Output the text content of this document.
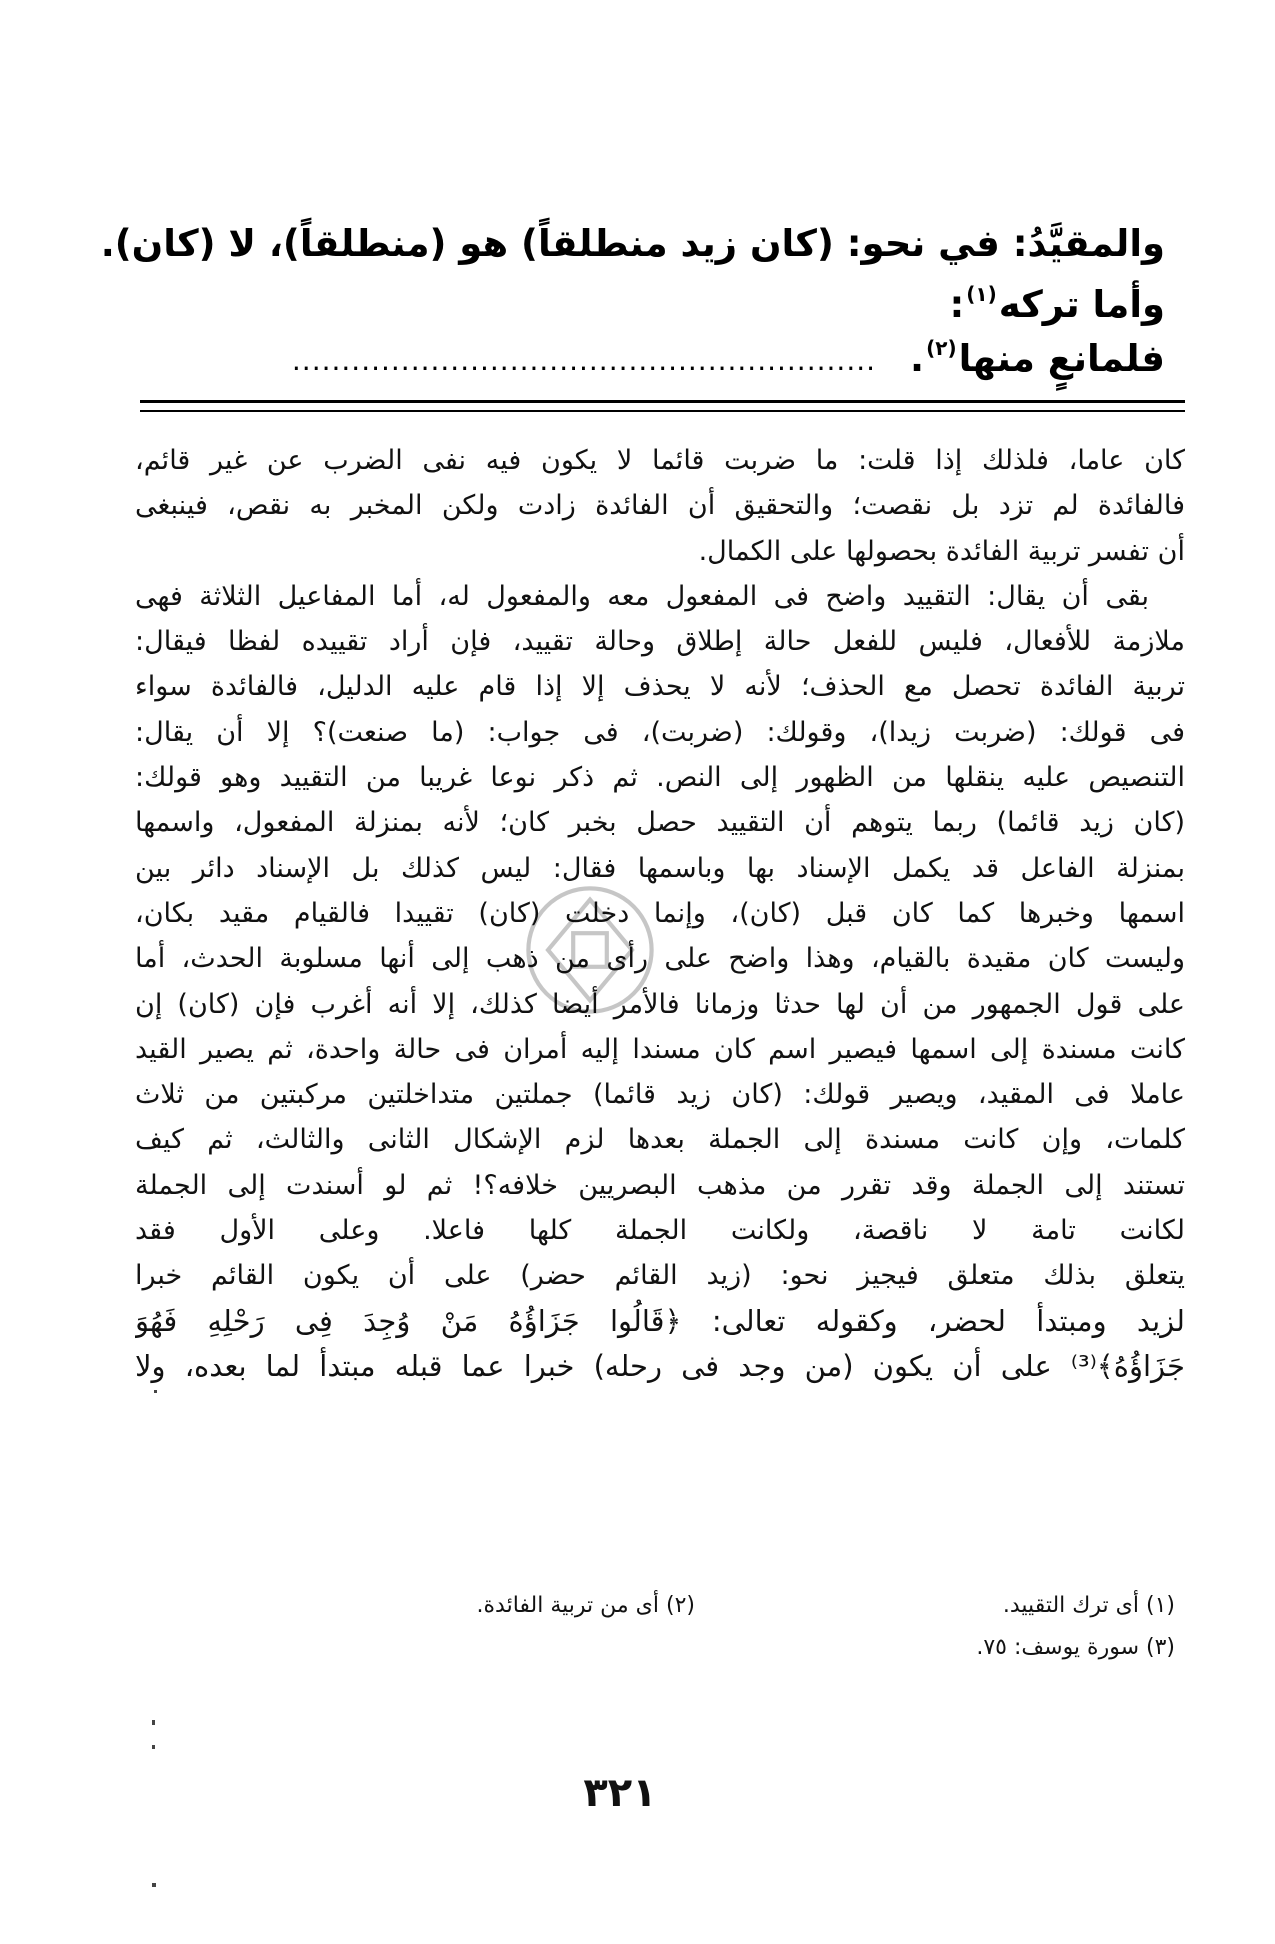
والمقيَّدُ: في نحو: (كان زيد منطلقاً) هو (منطلقاً)، لا (كان).
وأما تركه$^{(١)}$:
فلمانعٍ منها$^{(٢)}$............................................................
كان عاما، فلذلك إذا قلت: ما ضربت قائما لا يكون فيه نفى الضرب عن غير قائم،
فالفائدة لم تزد بل نقصت؛ والتحقيق أن الفائدة زادت ولكن المخبر به نقص، فينبغى
أن تفسر تربية الفائدة بحصولها على الكمال.
بقى أن يقال: التقييد واضح فى المفعول معه والمفعول له، أما المفاعيل الثلاثة فهى
ملازمة للأفعال، فليس للفعل حالة إطلاق وحالة تقييد، فإن أراد تقييده لفظا فيقال:
تربية الفائدة تحصل مع الحذف؛ لأنه لا يحذف إلا إذا قام عليه الدليل، فالفائدة سواء
فى قولك: (ضربت زيدا)، وقولك: (ضربت)، فى جواب: (ما صنعت)؟ إلا أن يقال:
التنصيص عليه ينقلها من الظهور إلى النص. ثم ذكر نوعا غريبا من التقييد وهو قولك:
(كان زيد قائما) ربما يتوهم أن التقييد حصل بخبر كان؛ لأنه بمنزلة المفعول، واسمها
بمنزلة الفاعل قد يكمل الإسناد بها وباسمها فقال: ليس كذلك بل الإسناد دائر بين
اسمها وخبرها كما كان قبل (كان)، وإنما دخلت (كان) تقييدا فالقيام مقيد بكان،
وليست كان مقيدة بالقيام، وهذا واضح على رأى من ذهب إلى أنها مسلوبة الحدث، أما
على قول الجمهور من أن لها حدثا وزمانا فالأمر أيضا كذلك، إلا أنه أغرب فإن (كان) إن
كانت مسندة إلى اسمها فيصير اسم كان مسندا إليه أمران فى حالة واحدة، ثم يصير القيد
عاملا فى المقيد، ويصير قولك: (كان زيد قائما) جملتين متداخلتين مركبتين من ثلاث
كلمات، وإن كانت مسندة إلى الجملة بعدها لزم الإشكال الثانى والثالث، ثم كيف
تستند إلى الجملة وقد تقرر من مذهب البصريين خلافه؟! ثم لو أسندت إلى الجملة
لكانت تامة لا ناقصة، ولكانت الجملة كلها فاعلا. وعلى الأول فقد
يتعلق بذلك متعلق فيجيز نحو: (زيد القائم حضر) على أن يكون القائم خبرا
لزيد ومبتدأ لحضر، وكقوله تعالى: ﴿قَالُوا جَزَاؤُهُ مَنْ وُجِدَ فِى رَحْلِهِ فَهُوَ
جَزَاؤُهُ﴾⁽³⁾ على أن يكون (من وجد فى رحله) خبرا عما قبله مبتدأ لما بعده، ولا
(١) أى ترك التقييد.
(٢) أى من تربية الفائدة.
(٣) سورة يوسف: ٧٥.
٣٢١
